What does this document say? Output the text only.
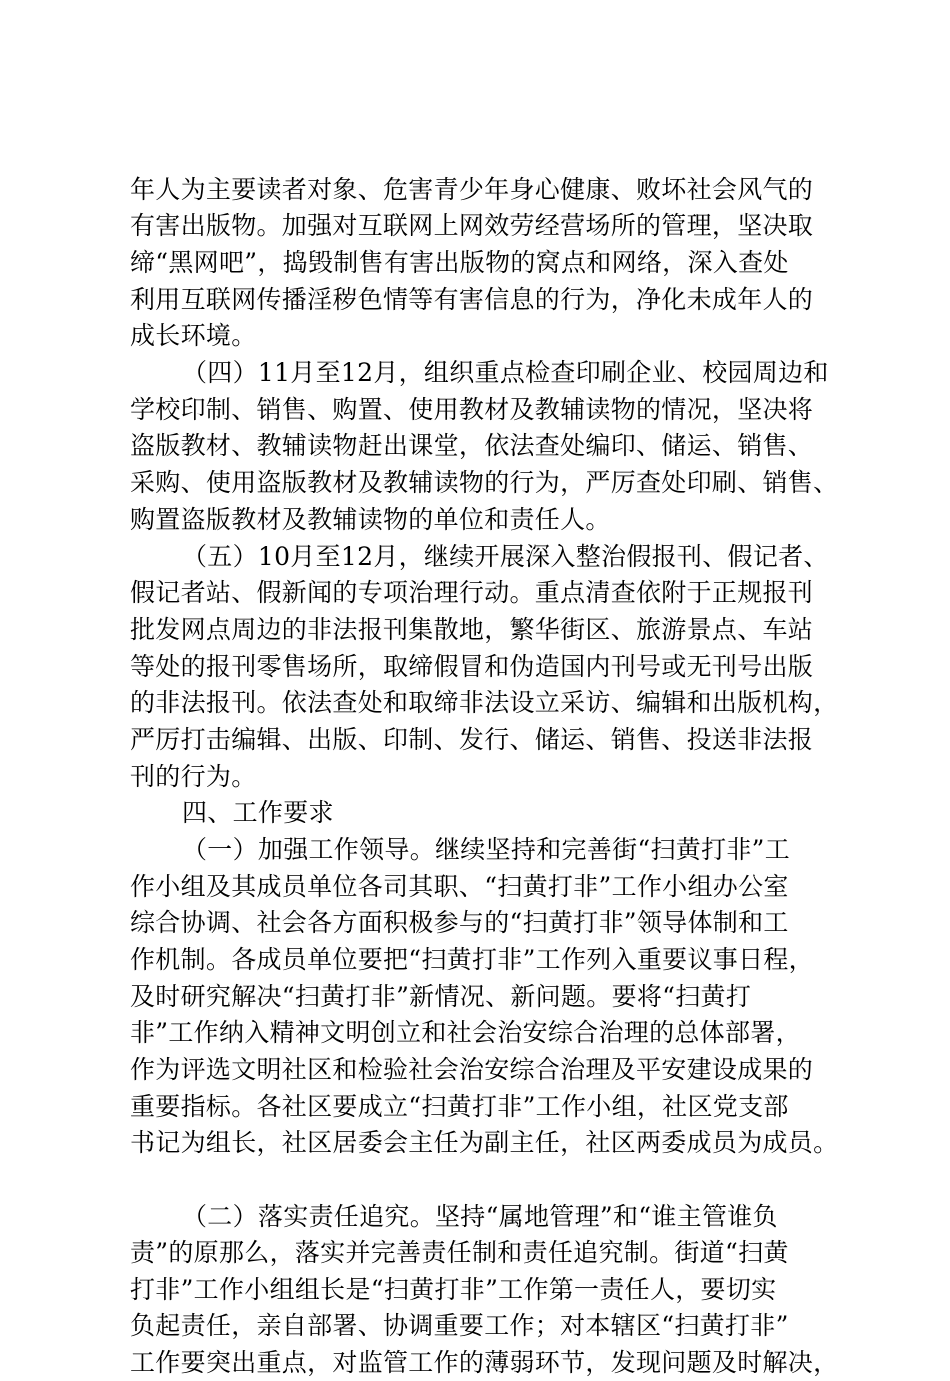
年人为主要读者对象、危害青少年身心健康、败坏社会风气的
有害出版物。加强对互联网上网效劳经营场所的管理，坚决取
缔“黑网吧”，捣毁制售有害出版物的窝点和网络，深入查处
利用互联网传播淫秽色情等有害信息的行为，净化未成年人的
成长环境。
（四）11月至12月，组织重点检查印刷企业、校园周边和
学校印制、销售、购置、使用教材及教辅读物的情况，坚决将
盗版教材、教辅读物赶出课堂，依法查处编印、储运、销售、
采购、使用盗版教材及教辅读物的行为，严厉查处印刷、销售、
购置盗版教材及教辅读物的单位和责任人。
（五）10月至12月，继续开展深入整治假报刊、假记者、
假记者站、假新闻的专项治理行动。重点清查依附于正规报刊
批发网点周边的非法报刊集散地，繁华街区、旅游景点、车站
等处的报刊零售场所，取缔假冒和伪造国内刊号或无刊号出版
的非法报刊。依法查处和取缔非法设立采访、编辑和出版机构，
严厉打击编辑、出版、印制、发行、储运、销售、投送非法报
刊的行为。
四、工作要求
（一）加强工作领导。继续坚持和完善街“扫黄打非”工
作小组及其成员单位各司其职、“扫黄打非”工作小组办公室
综合协调、社会各方面积极参与的“扫黄打非”领导体制和工
作机制。各成员单位要把“扫黄打非”工作列入重要议事日程，
及时研究解决“扫黄打非”新情况、新问题。要将“扫黄打
非”工作纳入精神文明创立和社会治安综合治理的总体部署，
作为评选文明社区和检验社会治安综合治理及平安建设成果的
重要指标。各社区要成立“扫黄打非”工作小组，社区党支部
书记为组长，社区居委会主任为副主任，社区两委成员为成员。
（二）落实责任追究。坚持“属地管理”和“谁主管谁负
责”的原那么，落实并完善责任制和责任追究制。街道“扫黄
打非”工作小组组长是“扫黄打非”工作第一责任人，要切实
负起责任，亲自部署、协调重要工作；对本辖区“扫黄打非”
工作要突出重点，对监管工作的薄弱环节，发现问题及时解决，
